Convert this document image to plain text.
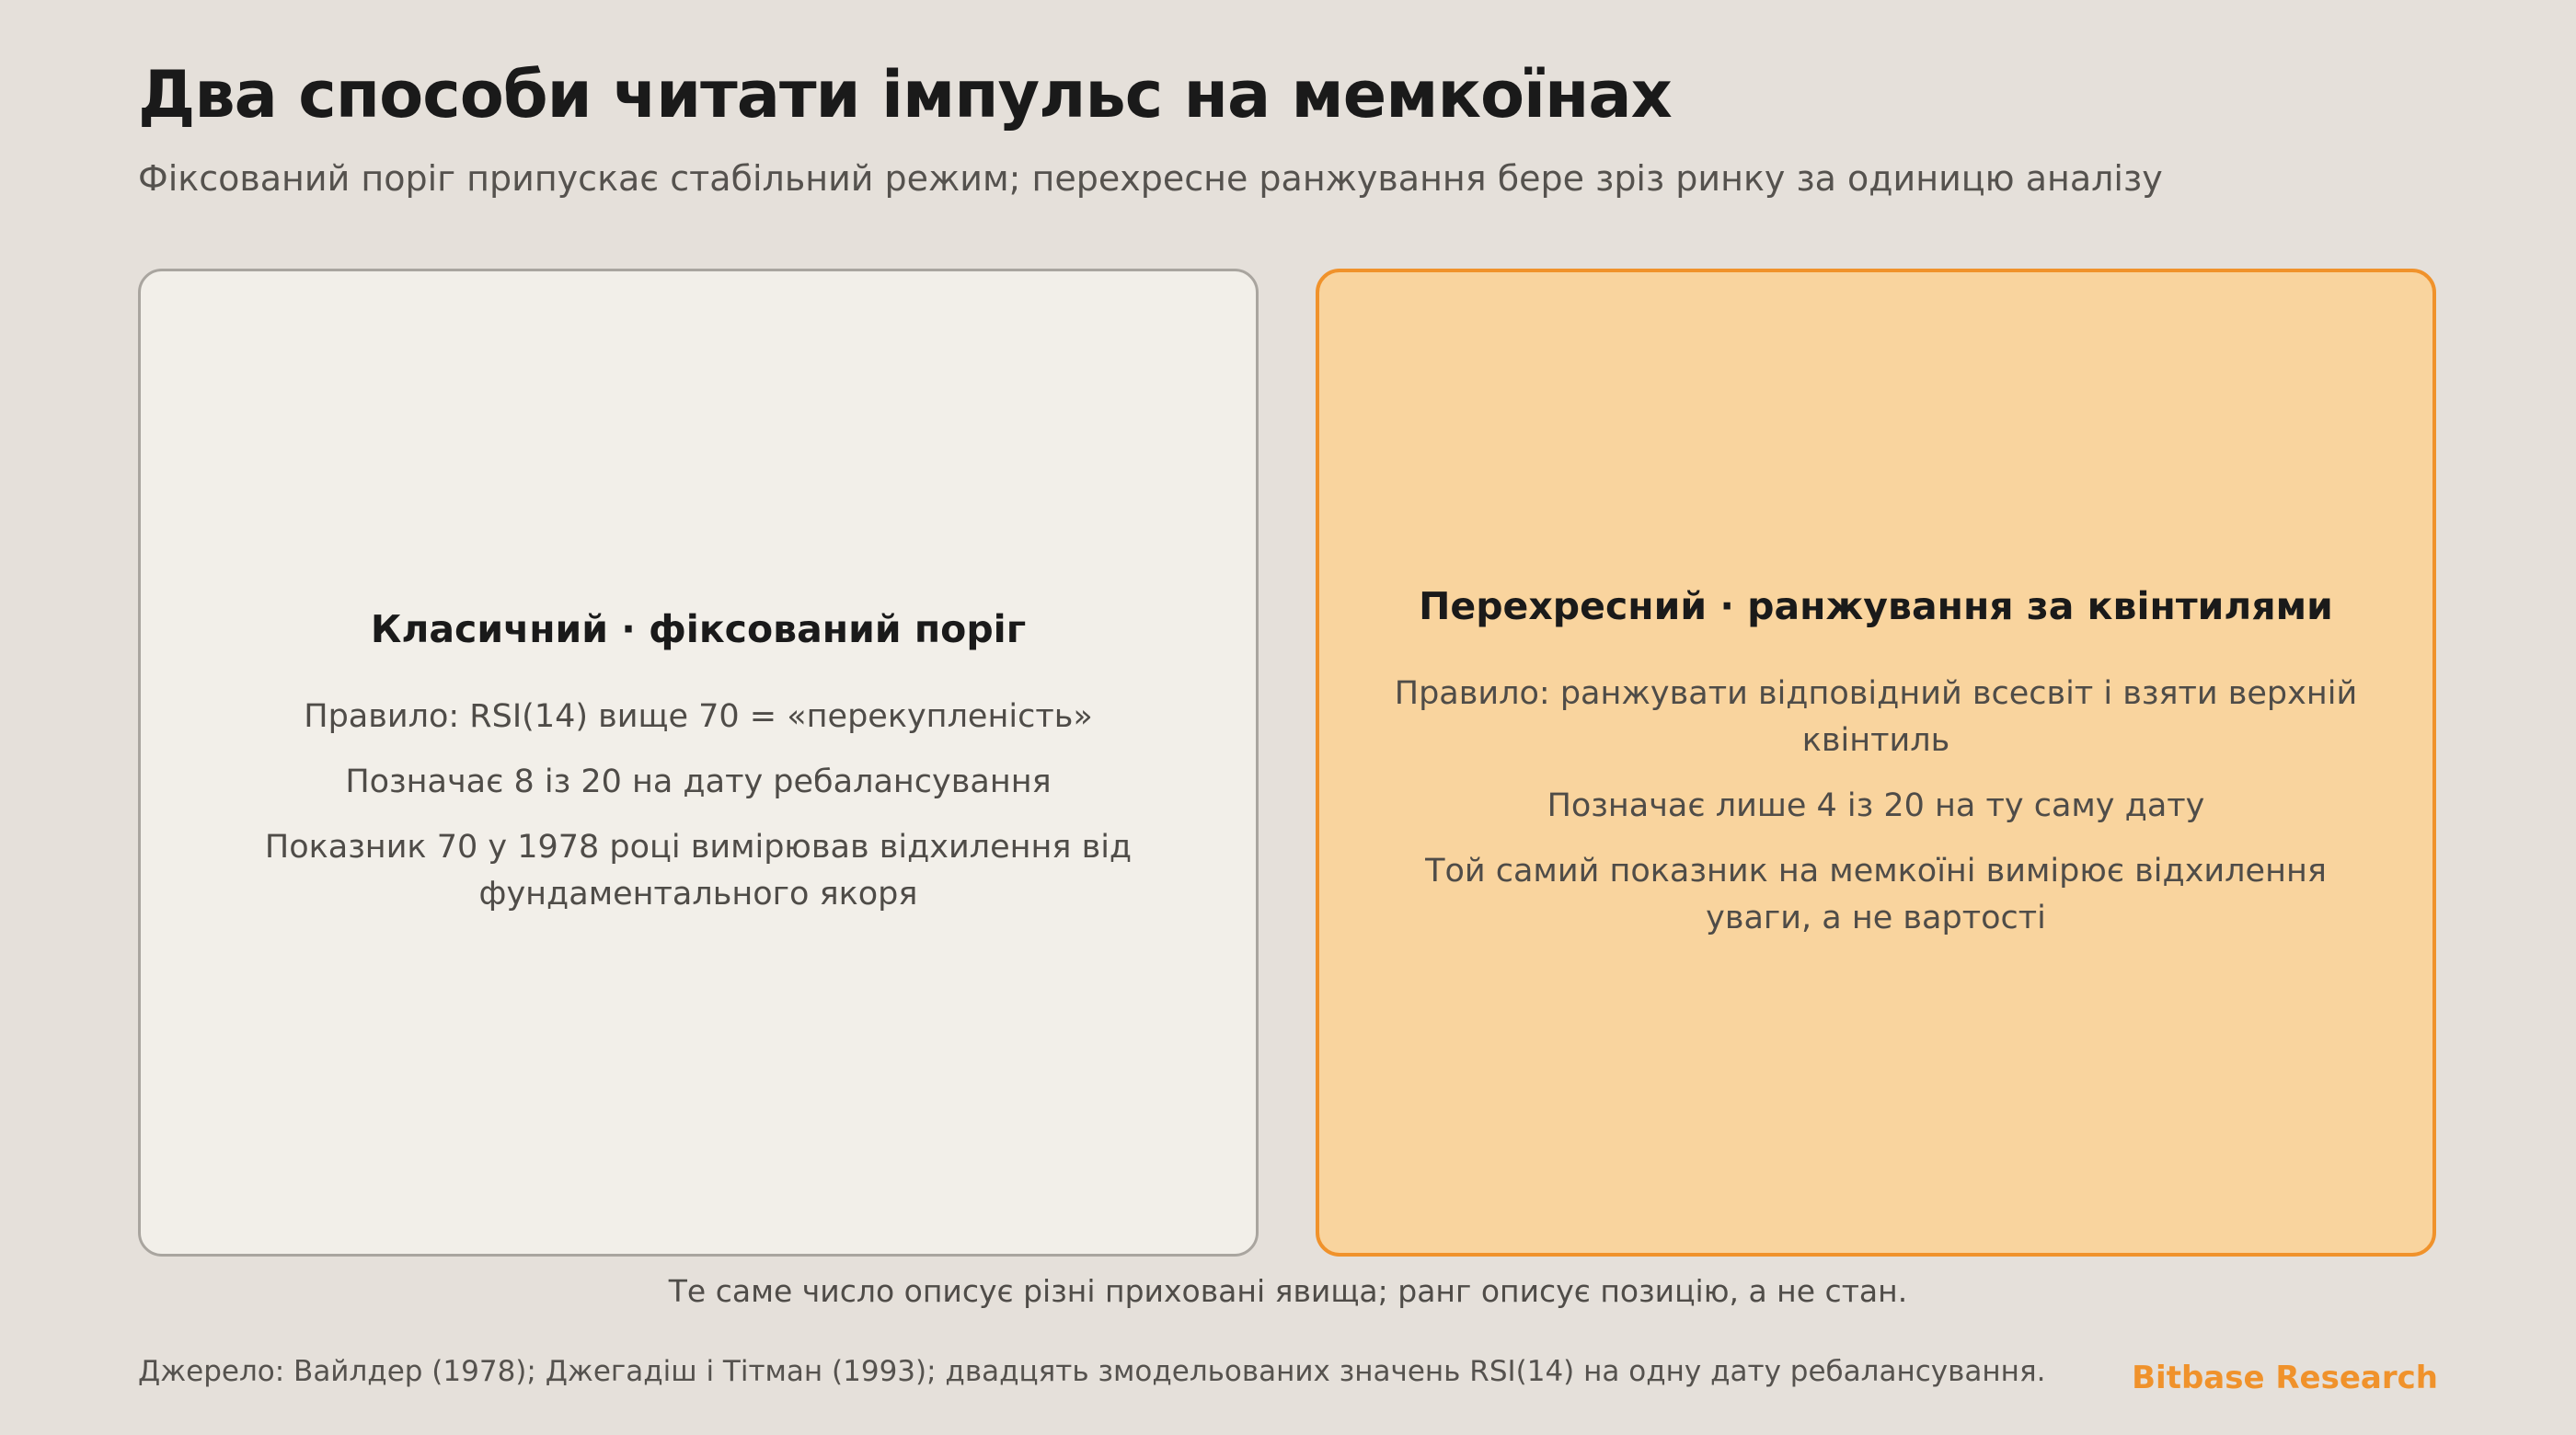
Два способи читати імпульс на мемкоїнах

Фіксований поріг припускає стабільний режим; перехресне ранжування бере зріз ринку за одиницю аналізу

Класичний · фіксований поріг

Правило: RSI(14) вище 70 = «перекупленість»

Позначає 8 із 20 на дату ребалансування

Показник 70 у 1978 році вимірював відхилення від фундаментального якоря

Перехресний · ранжування за квінтилями

Правило: ранжувати відповідний всесвіт і взяти верхній квінтиль

Позначає лише 4 із 20 на ту саму дату

Той самий показник на мемкоїні вимірює відхилення уваги, а не вартості

Те саме число описує різні приховані явища; ранг описує позицію, а не стан.

Джерело: Вайлдер (1978); Джегадіш і Тітман (1993); двадцять змодельованих значень RSI(14) на одну дату ребалансування.	Bitbase Research
